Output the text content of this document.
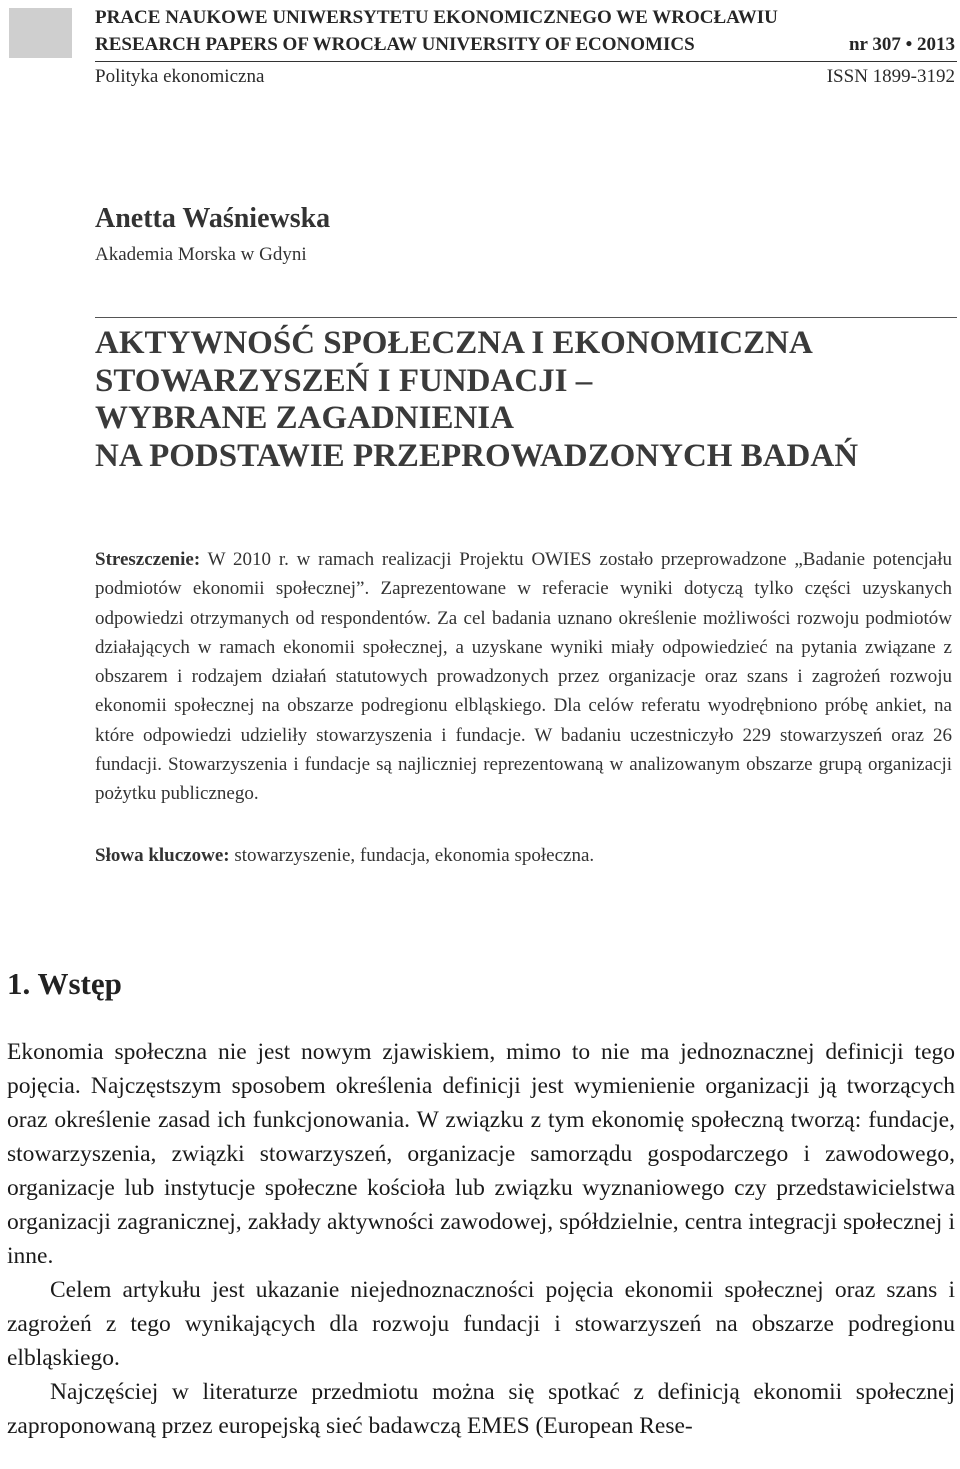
PRACE NAUKOWE UNIWERSYTETU EKONOMICZNEGO WE WROCŁAWIU
RESEARCH PAPERS OF WROCŁAW UNIVERSITY OF ECONOMICS	nr 307 • 2013
Polityka ekonomiczna	ISSN 1899-3192
Anetta Waśniewska
Akademia Morska w Gdyni
AKTYWNOŚĆ SPOŁECZNA I EKONOMICZNA
STOWARZYSZEŃ I FUNDACJI –
WYBRANE ZAGADNIENIA
NA PODSTAWIE PRZEPROWADZONYCH BADAŃ
Streszczenie: W 2010 r. w ramach realizacji Projektu OWIES zostało przeprowadzone „Badanie potencjału podmiotów ekonomii społecznej”. Zaprezentowane w referacie wyniki dotyczą tylko części uzyskanych odpowiedzi otrzymanych od respondentów. Za cel badania uznano określenie możliwości rozwoju podmiotów działających w ramach ekonomii społecznej, a uzyskane wyniki miały odpowiedzieć na pytania związane z obszarem i rodzajem działań statutowych prowadzonych przez organizacje oraz szans i zagrożeń rozwoju ekonomii społecznej na obszarze podregionu elbląskiego. Dla celów referatu wyodrębniono próbę ankiet, na które odpowiedzi udzieliły stowarzyszenia i fundacje. W badaniu uczestniczyło 229 stowarzyszeń oraz 26 fundacji. Stowarzyszenia i fundacje są najliczniej reprezentowaną w analizowanym obszarze grupą organizacji pożytku publicznego.
Słowa kluczowe: stowarzyszenie, fundacja, ekonomia społeczna.
1. Wstęp

Ekonomia społeczna nie jest nowym zjawiskiem, mimo to nie ma jednoznacznej definicji tego pojęcia. Najczęstszym sposobem określenia definicji jest wymienienie organizacji ją tworzących oraz określenie zasad ich funkcjonowania. W związku z tym ekonomię społeczną tworzą: fundacje, stowarzyszenia, związki stowarzyszeń, organizacje samorządu gospodarczego i zawodowego, organizacje lub instytucje społeczne kościoła lub związku wyznaniowego czy przedstawicielstwa organizacji zagranicznej, zakłady aktywności zawodowej, spółdzielnie, centra integracji społecznej i inne.

Celem artykułu jest ukazanie niejednoznaczności pojęcia ekonomii społecznej oraz szans i zagrożeń z tego wynikających dla rozwoju fundacji i stowarzyszeń na obszarze podregionu elbląskiego.

Najczęściej w literaturze przedmiotu można się spotkać z definicją ekonomii społecznej zaproponowaną przez europejską sieć badawczą EMES (European Rese-
